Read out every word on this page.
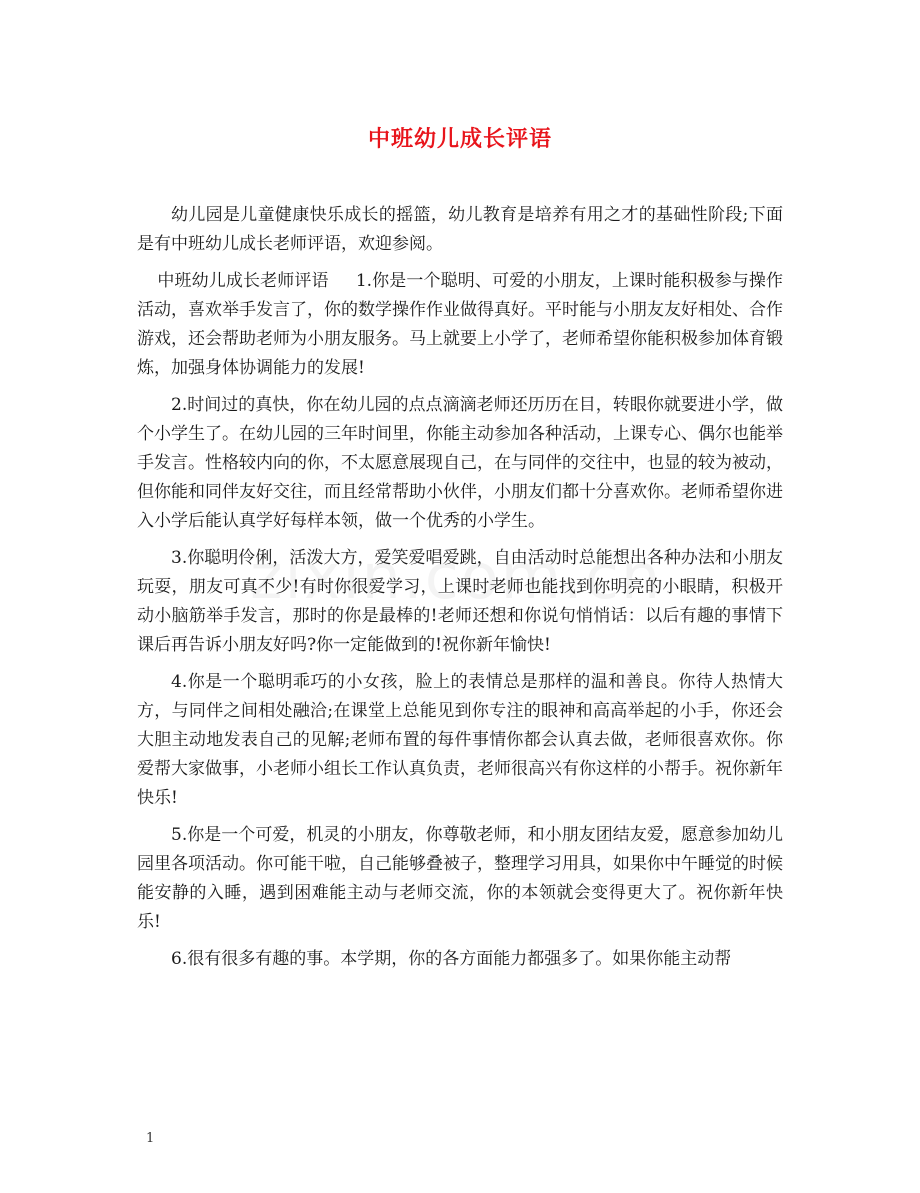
中班幼儿成长评语

幼儿园是儿童健康快乐成长的摇篮，幼儿教育是培养有用之才的基础性阶段;下面是有中班幼儿成长老师评语，欢迎参阅。

中班幼儿成长老师评语 1.你是一个聪明、可爱的小朋友，上课时能积极参与操作活动，喜欢举手发言了，你的数学操作作业做得真好。平时能与小朋友友好相处、合作游戏，还会帮助老师为小朋友服务。马上就要上小学了，老师希望你能积极参加体育锻炼，加强身体协调能力的发展!

2.时间过的真快，你在幼儿园的点点滴滴老师还历历在目，转眼你就要进小学，做个小学生了。在幼儿园的三年时间里，你能主动参加各种活动，上课专心、偶尔也能举手发言。性格较内向的你，不太愿意展现自己，在与同伴的交往中，也显的较为被动，但你能和同伴友好交往，而且经常帮助小伙伴，小朋友们都十分喜欢你。老师希望你进入小学后能认真学好每样本领，做一个优秀的小学生。

3.你聪明伶俐，活泼大方，爱笑爱唱爱跳，自由活动时总能想出各种办法和小朋友玩耍，朋友可真不少!有时你很爱学习，上课时老师也能找到你明亮的小眼睛，积极开动小脑筋举手发言，那时的你是最棒的!老师还想和你说句悄悄话：以后有趣的事情下课后再告诉小朋友好吗?你一定能做到的!祝你新年愉快!

4.你是一个聪明乖巧的小女孩，脸上的表情总是那样的温和善良。你待人热情大方，与同伴之间相处融洽;在课堂上总能见到你专注的眼神和高高举起的小手，你还会大胆主动地发表自己的见解;老师布置的每件事情你都会认真去做，老师很喜欢你。你爱帮大家做事，小老师小组长工作认真负责，老师很高兴有你这样的小帮手。祝你新年快乐!

5.你是一个可爱，机灵的小朋友，你尊敬老师，和小朋友团结友爱，愿意参加幼儿园里各项活动。你可能干啦，自己能够叠被子，整理学习用具，如果你中午睡觉的时候能安静的入睡，遇到困难能主动与老师交流，你的本领就会变得更大了。祝你新年快乐!

6.很有很多有趣的事。本学期，你的各方面能力都强多了。如果你能主动帮

1
